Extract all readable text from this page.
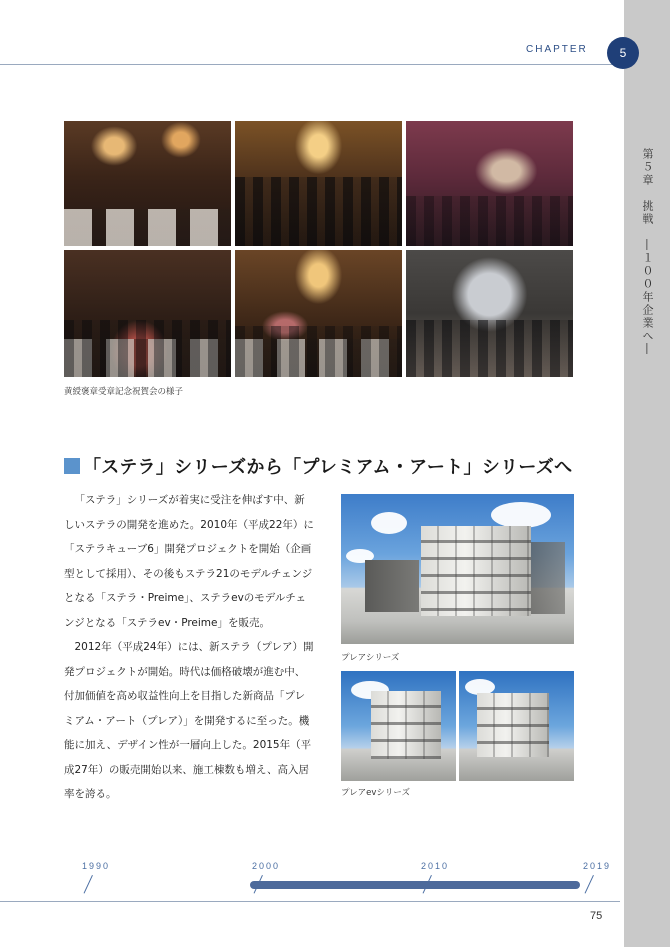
第５章　挑戦　―１００年企業へ―
CHAPTER	5
黄綬褒章受章記念祝賀会の様子
「ステラ」シリーズから「プレミアム・アート」シリーズへ

「ステラ」シリーズが着実に受注を伸ばす中、新しいステラの開発を進めた。2010年（平成22年）に「ステラキューブ6」開発プロジェクトを開始（企画型として採用）、その後もステラ21のモデルチェンジとなる「ステラ・Preime」、ステラevのモデルチェンジとなる「ステラev・Preime」を販売。

2012年（平成24年）には、新ステラ（プレア）開発プロジェクトが開始。時代は価格破壊が進む中、付加価値を高め収益性向上を目指した新商品「プレミアム・アート（プレア）」を開発するに至った。機能に加え、デザイン性が一層向上した。2015年（平成27年）の販売開始以来、施工棟数も増え、高入居率を誇る。

プレアシリーズ
プレアevシリーズ
1990	2000	2010	2019
75
